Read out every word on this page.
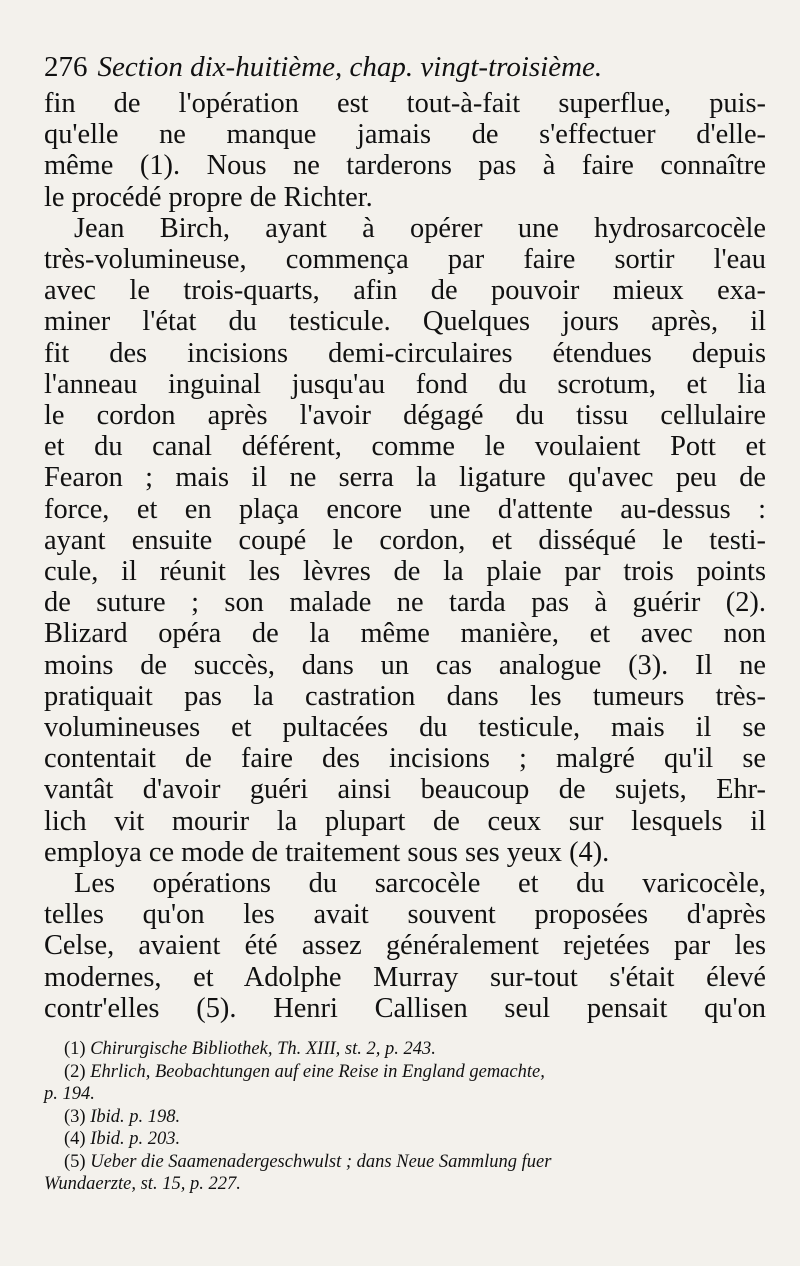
276 Section dix-huitième, chap. vingt-troisième.

fin de l'opération est tout-à-fait superflue, puis-
qu'elle ne manque jamais de s'effectuer d'elle-
même (1). Nous ne tarderons pas à faire connaître
le procédé propre de Richter.

Jean Birch, ayant à opérer une hydrosarcocèle
très-volumineuse, commença par faire sortir l'eau
avec le trois-quarts, afin de pouvoir mieux exa-
miner l'état du testicule. Quelques jours après, il
fit des incisions demi-circulaires étendues depuis
l'anneau inguinal jusqu'au fond du scrotum, et lia
le cordon après l'avoir dégagé du tissu cellulaire
et du canal déférent, comme le voulaient Pott et
Fearon ; mais il ne serra la ligature qu'avec peu de
force, et en plaça encore une d'attente au-dessus :
ayant ensuite coupé le cordon, et disséqué le testi-
cule, il réunit les lèvres de la plaie par trois points
de suture ; son malade ne tarda pas à guérir (2).
Blizard opéra de la même manière, et avec non
moins de succès, dans un cas analogue (3). Il ne
pratiquait pas la castration dans les tumeurs très-
volumineuses et pultacées du testicule, mais il se
contentait de faire des incisions ; malgré qu'il se
vantât d'avoir guéri ainsi beaucoup de sujets, Ehr-
lich vit mourir la plupart de ceux sur lesquels il
employa ce mode de traitement sous ses yeux (4).

Les opérations du sarcocèle et du varicocèle,
telles qu'on les avait souvent proposées d'après
Celse, avaient été assez généralement rejetées par les
modernes, et Adolphe Murray sur-tout s'était élevé
contr'elles (5). Henri Callisen seul pensait qu'on

(1) Chirurgische Bibliothek, Th. XIII, st. 2, p. 243.
(2) Ehrlich, Beobachtungen auf eine Reise in England gemachte,
p. 194.
(3) Ibid. p. 198.
(4) Ibid. p. 203.
(5) Ueber die Saamenadergeschwulst ; dans Neue Sammlung fuer
Wundaerzte, st. 15, p. 227.
